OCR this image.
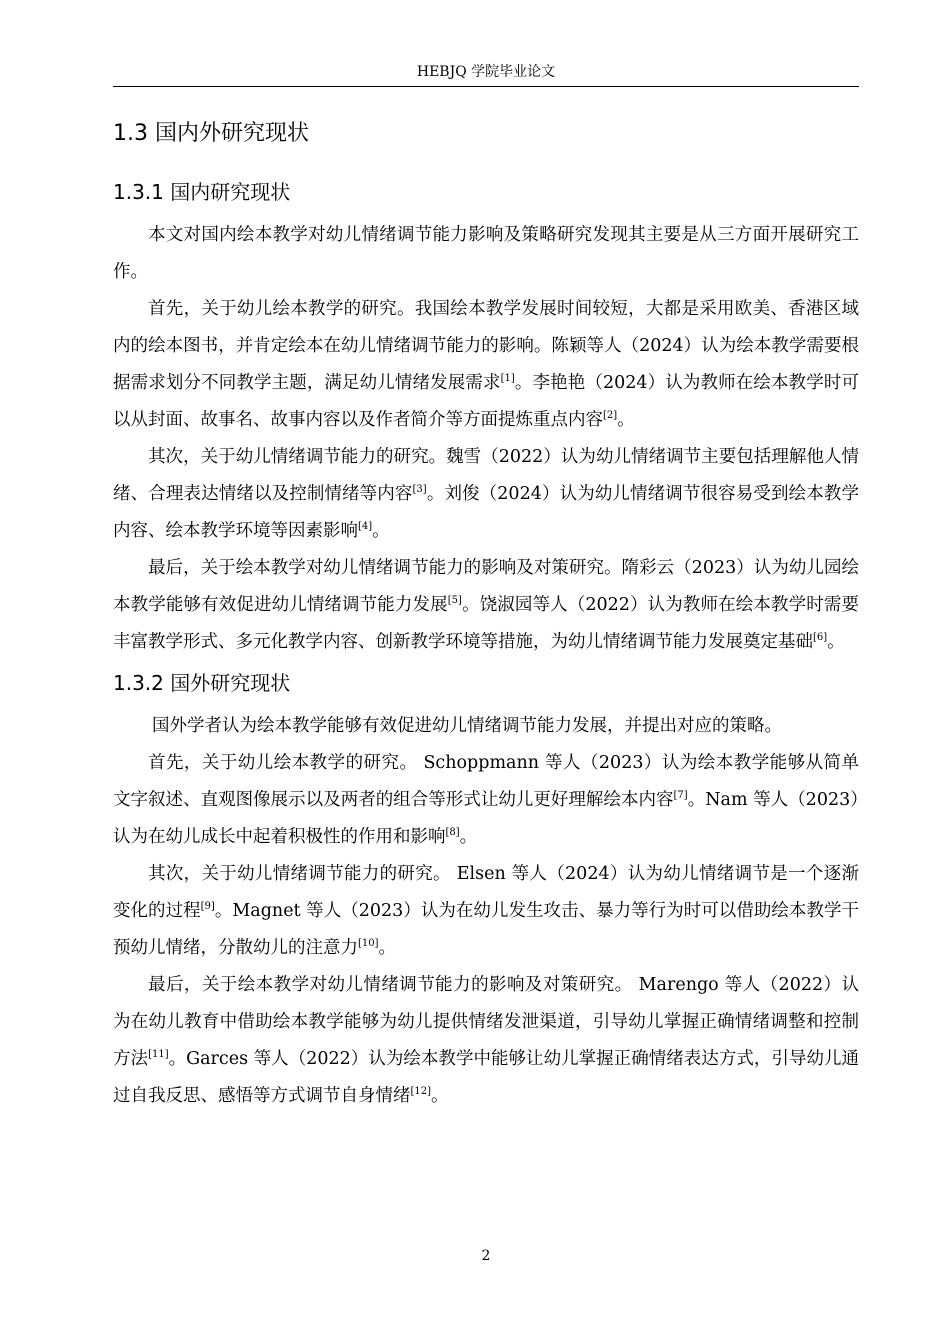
HEBJQ 学院毕业论文
1.3 国内外研究现状
1.3.1 国内研究现状

本文对国内绘本教学对幼儿情绪调节能力影响及策略研究发现其主要是从三方面开展研究工作。

首先，关于幼儿绘本教学的研究。我国绘本教学发展时间较短，大都是采用欧美、香港区域内的绘本图书，并肯定绘本在幼儿情绪调节能力的影响。陈颖等人（2024）认为绘本教学需要根据需求划分不同教学主题，满足幼儿情绪发展需求[1]。李艳艳（2024）认为教师在绘本教学时可以从封面、故事名、故事内容以及作者简介等方面提炼重点内容[2]。

其次，关于幼儿情绪调节能力的研究。魏雪（2022）认为幼儿情绪调节主要包括理解他人情绪、合理表达情绪以及控制情绪等内容[3]。刘俊（2024）认为幼儿情绪调节很容易受到绘本教学内容、绘本教学环境等因素影响[4]。

最后，关于绘本教学对幼儿情绪调节能力的影响及对策研究。隋彩云（2023）认为幼儿园绘本教学能够有效促进幼儿情绪调节能力发展[5]。饶淑园等人（2022）认为教师在绘本教学时需要丰富教学形式、多元化教学内容、创新教学环境等措施，为幼儿情绪调节能力发展奠定基础[6]。

1.3.2 国外研究现状

国外学者认为绘本教学能够有效促进幼儿情绪调节能力发展，并提出对应的策略。

首先，关于幼儿绘本教学的研究。 Schoppmann 等人（2023）认为绘本教学能够从简单文字叙述、直观图像展示以及两者的组合等形式让幼儿更好理解绘本内容[7]。Nam 等人（2023）认为在幼儿成长中起着积极性的作用和影响[8]。

其次，关于幼儿情绪调节能力的研究。 Elsen 等人（2024）认为幼儿情绪调节是一个逐渐变化的过程[9]。Magnet 等人（2023）认为在幼儿发生攻击、暴力等行为时可以借助绘本教学干预幼儿情绪，分散幼儿的注意力[10]。

最后，关于绘本教学对幼儿情绪调节能力的影响及对策研究。 Marengo 等人（2022）认为在幼儿教育中借助绘本教学能够为幼儿提供情绪发泄渠道，引导幼儿掌握正确情绪调整和控制方法[11]。Garces 等人（2022）认为绘本教学中能够让幼儿掌握正确情绪表达方式，引导幼儿通过自我反思、感悟等方式调节自身情绪[12]。

2
